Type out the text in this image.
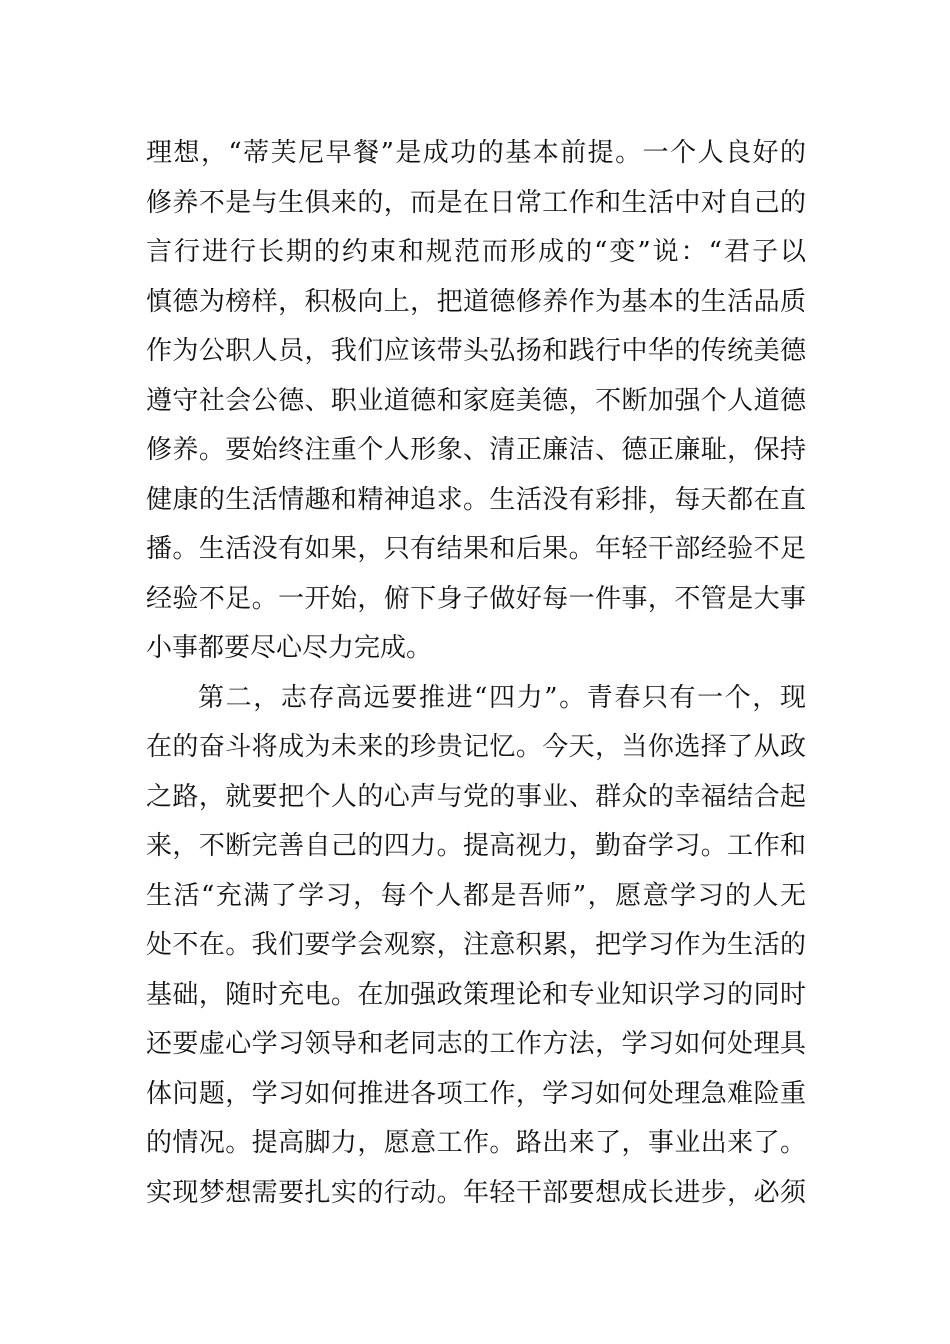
理想，“蒂芙尼早餐”是成功的基本前提。一个人良好的
修养不是与生俱来的，而是在日常工作和生活中对自己的
言行进行长期的约束和规范而形成的“变”说：“君子以
慎德为榜样，积极向上，把道德修养作为基本的生活品质
作为公职人员，我们应该带头弘扬和践行中华的传统美德
遵守社会公德、职业道德和家庭美德，不断加强个人道德
修养。要始终注重个人形象、清正廉洁、德正廉耻，保持
健康的生活情趣和精神追求。生活没有彩排，每天都在直
播。生活没有如果，只有结果和后果。年轻干部经验不足
经验不足。一开始，俯下身子做好每一件事，不管是大事
小事都要尽心尽力完成。
第二，志存高远要推进“四力”。青春只有一个，现
在的奋斗将成为未来的珍贵记忆。今天，当你选择了从政
之路，就要把个人的心声与党的事业、群众的幸福结合起
来，不断完善自己的四力。提高视力，勤奋学习。工作和
生活“充满了学习，每个人都是吾师”，愿意学习的人无
处不在。我们要学会观察，注意积累，把学习作为生活的
基础，随时充电。在加强政策理论和专业知识学习的同时
还要虚心学习领导和老同志的工作方法，学习如何处理具
体问题，学习如何推进各项工作，学习如何处理急难险重
的情况。提高脚力，愿意工作。路出来了，事业出来了。
实现梦想需要扎实的行动。年轻干部要想成长进步，必须
